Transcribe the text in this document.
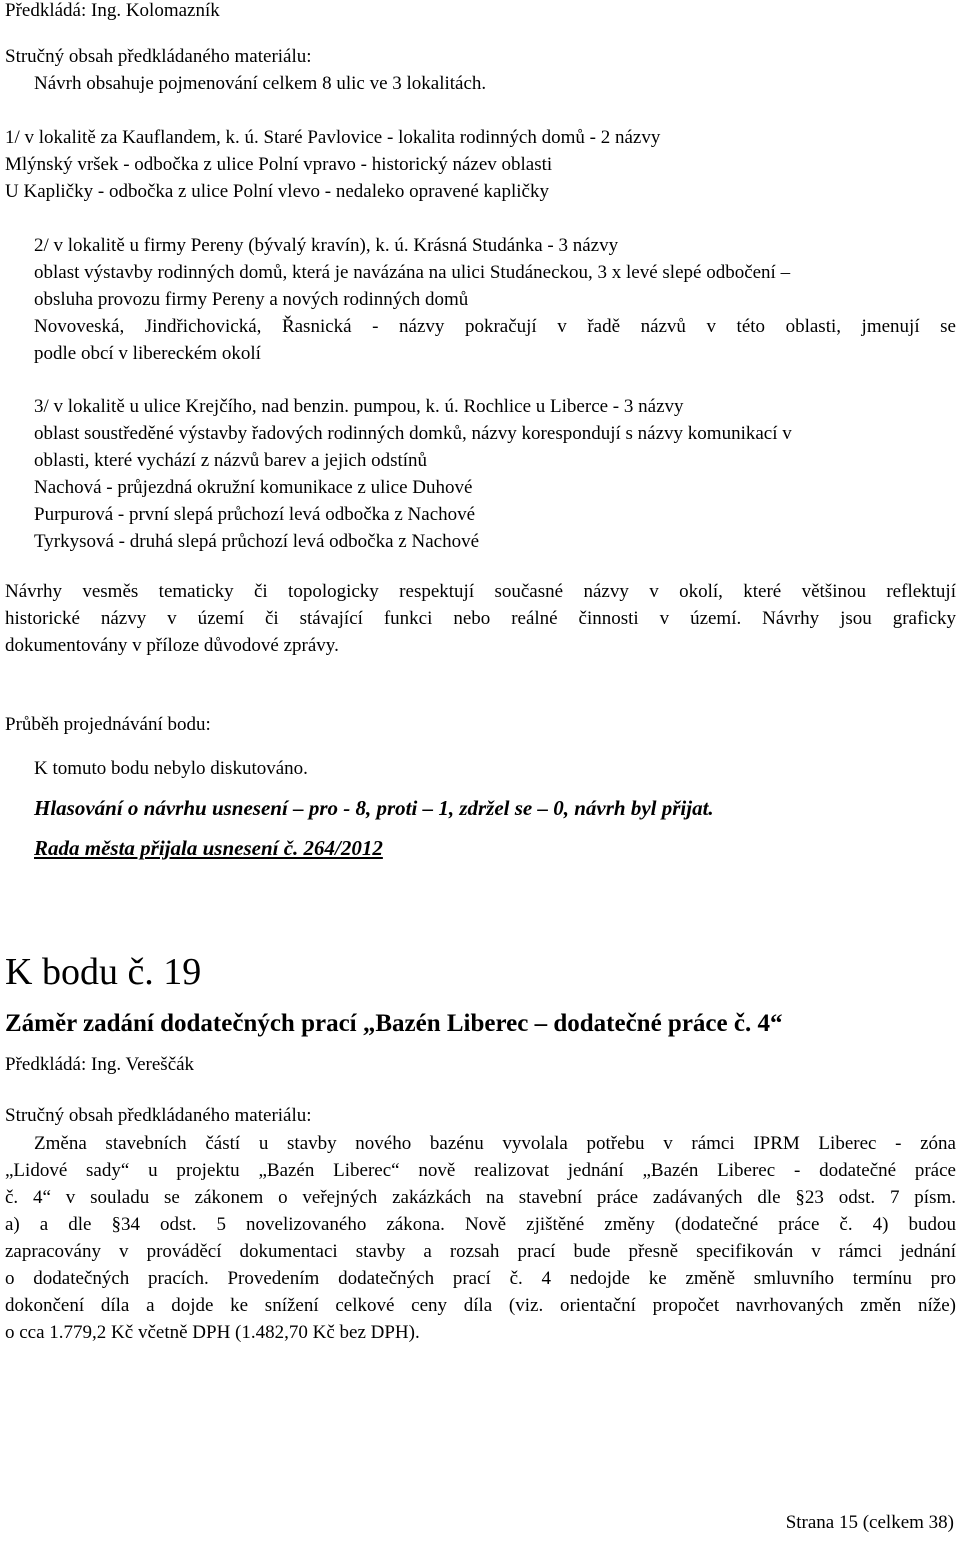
Předkládá: Ing. Kolomazník

Stručný obsah předkládaného materiálu:

Návrh obsahuje pojmenování celkem 8 ulic ve 3 lokalitách.

1/ v lokalitě za Kauflandem, k. ú. Staré Pavlovice - lokalita rodinných domů - 2 názvy

Mlýnský vršek - odbočka z ulice Polní vpravo - historický název oblasti

U Kapličky - odbočka z ulice Polní vlevo - nedaleko opravené kapličky

2/ v lokalitě u firmy Pereny (bývalý kravín), k. ú. Krásná Studánka - 3 názvy

oblast výstavby rodinných domů, která je navázána na ulici Studáneckou, 3 x levé slepé odbočení –

obsluha provozu firmy Pereny a nových rodinných domů

Novoveská, Jindřichovická, Řasnická - názvy pokračují v řadě názvů v této oblasti, jmenují se

podle obcí v libereckém okolí

3/ v lokalitě u ulice Krejčího, nad benzin. pumpou, k. ú. Rochlice u Liberce - 3 názvy

oblast soustředěné výstavby řadových rodinných domků, názvy korespondují s názvy komunikací v

oblasti, které vychází z názvů barev a jejich odstínů

Nachová - průjezdná okružní komunikace z ulice Duhové

Purpurová - první slepá průchozí levá odbočka z Nachové

Tyrkysová - druhá slepá průchozí levá odbočka z Nachové

Návrhy vesměs tematicky či topologicky respektují současné názvy v okolí, které většinou reflektují

historické názvy v území či stávající funkci nebo reálné činnosti v území. Návrhy jsou graficky

dokumentovány v příloze důvodové zprávy.

Průběh projednávání bodu:

K tomuto bodu nebylo diskutováno.

Hlasování o návrhu usnesení – pro - 8, proti – 1, zdržel se – 0, návrh byl přijat.

Rada města přijala usnesení č. 264/2012

K bodu č. 19
Záměr zadání dodatečných prací „Bazén Liberec – dodatečné práce č. 4“

Předkládá: Ing. Vereščák

Stručný obsah předkládaného materiálu:

Změna stavebních částí u stavby nového bazénu vyvolala potřebu v rámci IPRM Liberec - zóna

„Lidové sady“ u projektu „Bazén Liberec“ nově realizovat jednání „Bazén Liberec - dodatečné práce

č. 4“ v souladu se zákonem o veřejných zakázkách na stavební práce zadávaných dle §23 odst. 7 písm.

a) a dle §34 odst. 5 novelizovaného zákona. Nově zjištěné změny (dodatečné práce č. 4) budou

zapracovány v prováděcí dokumentaci stavby a rozsah prací bude přesně specifikován v rámci jednání

o dodatečných pracích. Provedením dodatečných prací č. 4 nedojde ke změně smluvního termínu pro

dokončení díla a dojde ke snížení celkové ceny díla (viz. orientační propočet navrhovaných změn níže)

o cca 1.779,2 Kč včetně DPH (1.482,70 Kč bez DPH).

Strana 15 (celkem 38)
